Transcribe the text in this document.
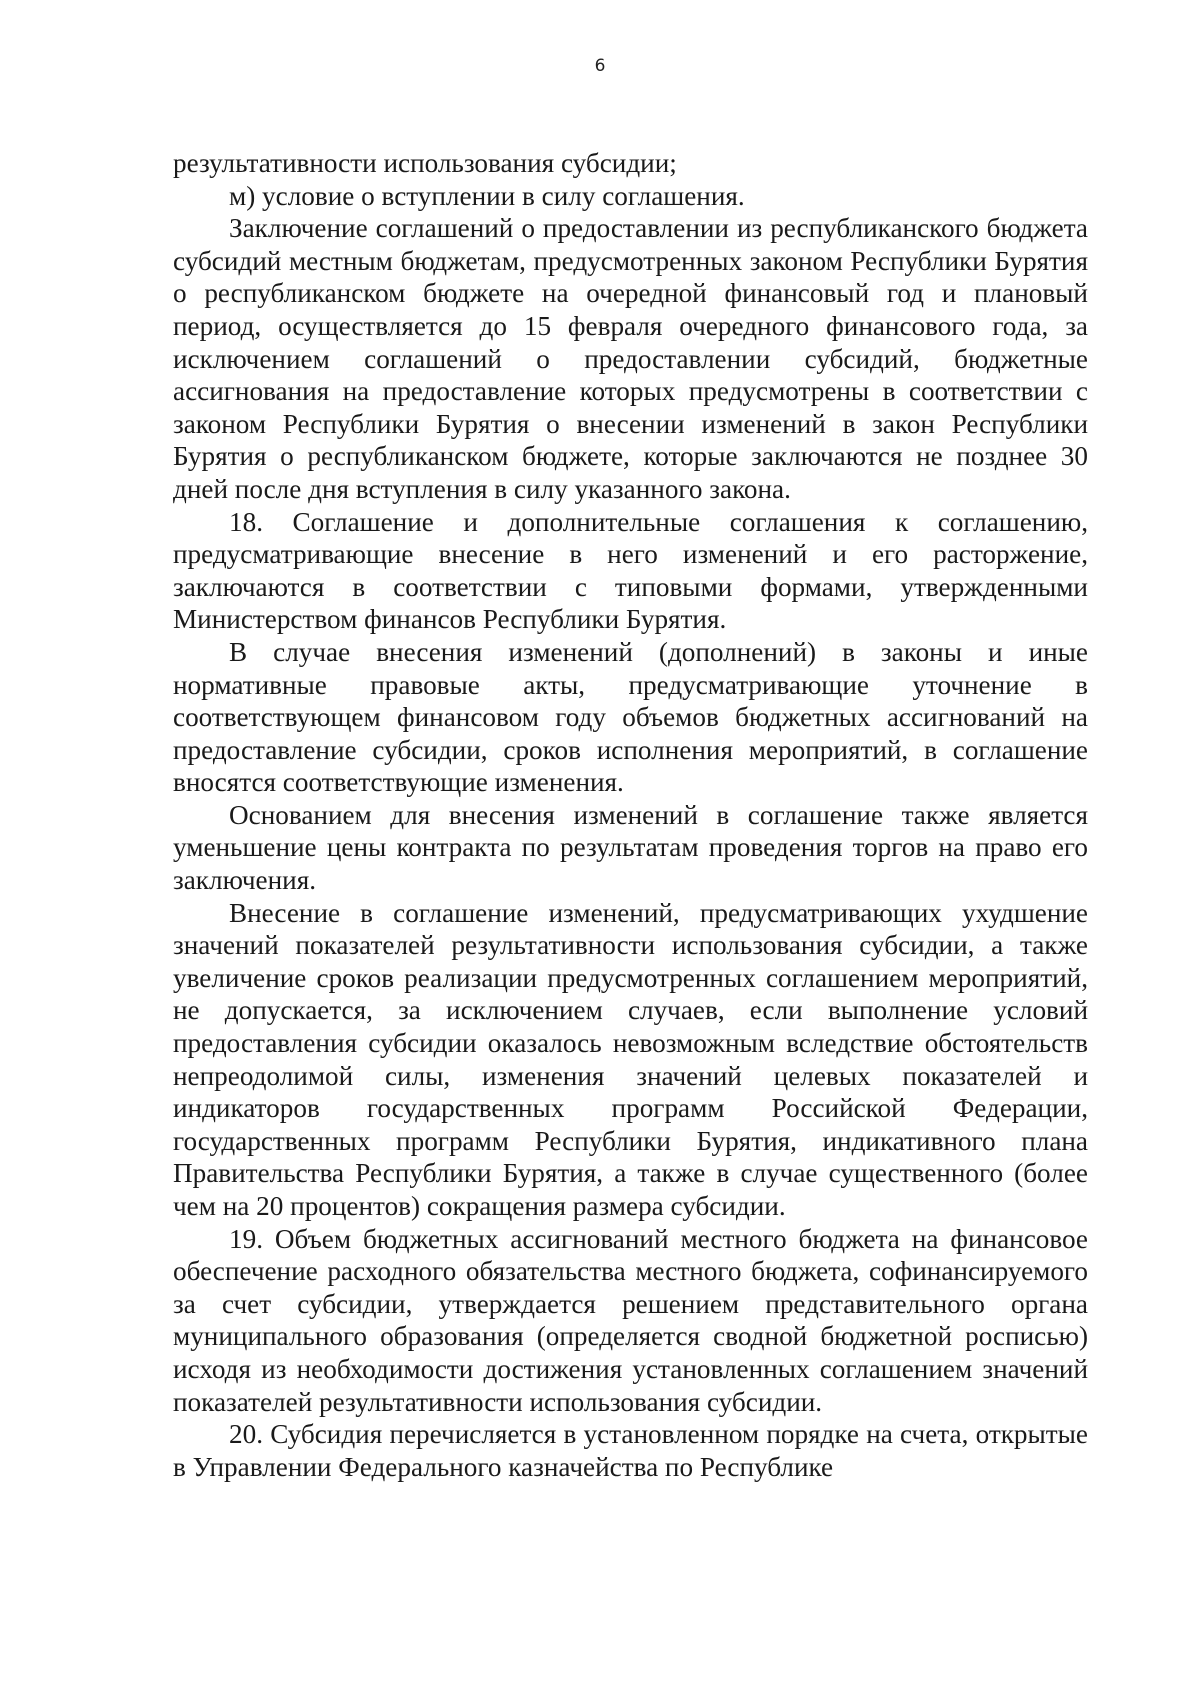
6

результативности использования субсидии;

м) условие о вступлении в силу соглашения.

Заключение соглашений о предоставлении из республиканского бюджета субсидий местным бюджетам, предусмотренных законом Республики Бурятия о республиканском бюджете на очередной финансовый год и плановый период, осуществляется до 15 февраля очередного финансового года, за исключением соглашений о предоставлении субсидий, бюджетные ассигнования на предоставление которых предусмотрены в соответствии с законом Республики Бурятия о внесении изменений в закон Республики Бурятия о республиканском бюджете, которые заключаются не позднее 30 дней после дня вступления в силу указанного закона.

18. Соглашение и дополнительные соглашения к соглашению, предусматривающие внесение в него изменений и его расторжение, заключаются в соответствии с типовыми формами, утвержденными Министерством финансов Республики Бурятия.

В случае внесения изменений (дополнений) в законы и иные нормативные правовые акты, предусматривающие уточнение в соответствующем финансовом году объемов бюджетных ассигнований на предоставление субсидии, сроков исполнения мероприятий, в соглашение вносятся соответствующие изменения.

Основанием для внесения изменений в соглашение также является уменьшение цены контракта по результатам проведения торгов на право его заключения.

Внесение в соглашение изменений, предусматривающих ухудшение значений показателей результативности использования субсидии, а также увеличение сроков реализации предусмотренных соглашением мероприятий, не допускается, за исключением случаев, если выполнение условий предоставления субсидии оказалось невозможным вследствие обстоятельств непреодолимой силы, изменения значений целевых показателей и индикаторов государственных программ Российской Федерации, государственных программ Республики Бурятия, индикативного плана Правительства Республики Бурятия, а также в случае существенного (более чем на 20 процентов) сокращения размера субсидии.

19. Объем бюджетных ассигнований местного бюджета на финансовое обеспечение расходного обязательства местного бюджета, софинансируемого за счет субсидии, утверждается решением представительного органа муниципального образования (определяется сводной бюджетной росписью) исходя из необходимости достижения установленных соглашением значений показателей результативности использования субсидии.

20. Субсидия перечисляется в установленном порядке на счета, открытые в Управлении Федерального казначейства по Республике
